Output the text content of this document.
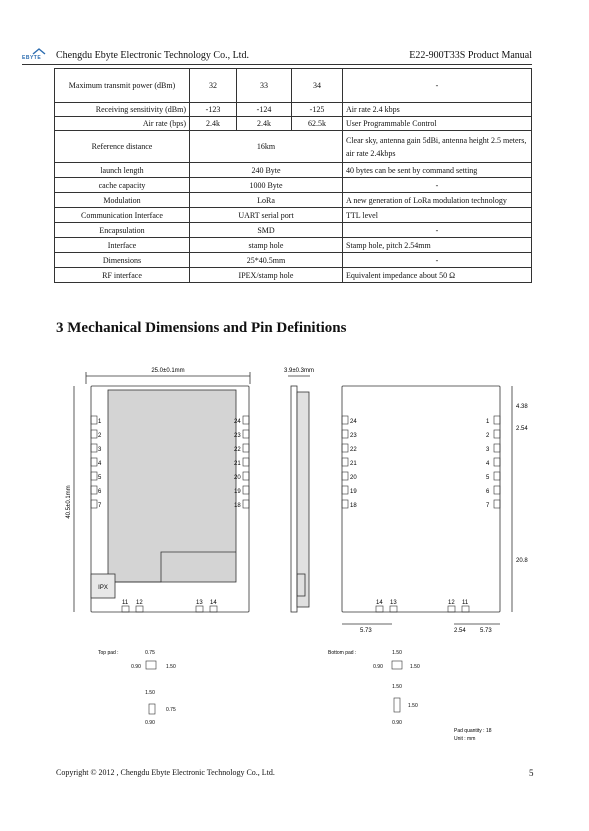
EBYTE Chengdu Ebyte Electronic Technology Co., Ltd.	E22-900T33S Product Manual
Maximum transmit power (dBm)	32	33	34	-
Receiving sensitivity (dBm)	-123	-124	-125	Air rate 2.4 kbps
Air rate (bps)	2.4k	2.4k	62.5k	User Programmable Control
Reference distance	16km			Clear sky, antenna gain 5dBi, antenna height 2.5 meters, air rate 2.4kbps
launch length	240 Byte			40 bytes can be sent by command setting
cache capacity	1000 Byte			-
Modulation	LoRa			A new generation of LoRa modulation technology
Communication Interface	UART serial port			TTL level
Encapsulation	SMD			-
Interface	stamp hole			Stamp hole, pitch 2.54mm
Dimensions	25*40.5mm			-
RF interface	IPEX/stamp hole			Equivalent impedance about 50 Ω
3 Mechanical Dimensions and Pin Definitions
25.0±0.1mm
40.5±0.1mm
IPX
1
2
3
4
5
6
7
24
23
22
21
20
19
18
11 12	13 14
3.9±0.3mm
24
23
22
21
20
19
18
1
2
3
4
5
6
7
14 13	12 11
4.38
2.54
20.8
5.73	2.54 5.73
Top pad :	0.75
0.90	1.50
1.50
0.75
0.90
Bottom pad :	1.50
0.90	1.50
1.50
1.50
0.90
Pad quantity : 18
Unit : mm
Copyright © 2012 , Chengdu Ebyte Electronic Technology Co., Ltd.	5
